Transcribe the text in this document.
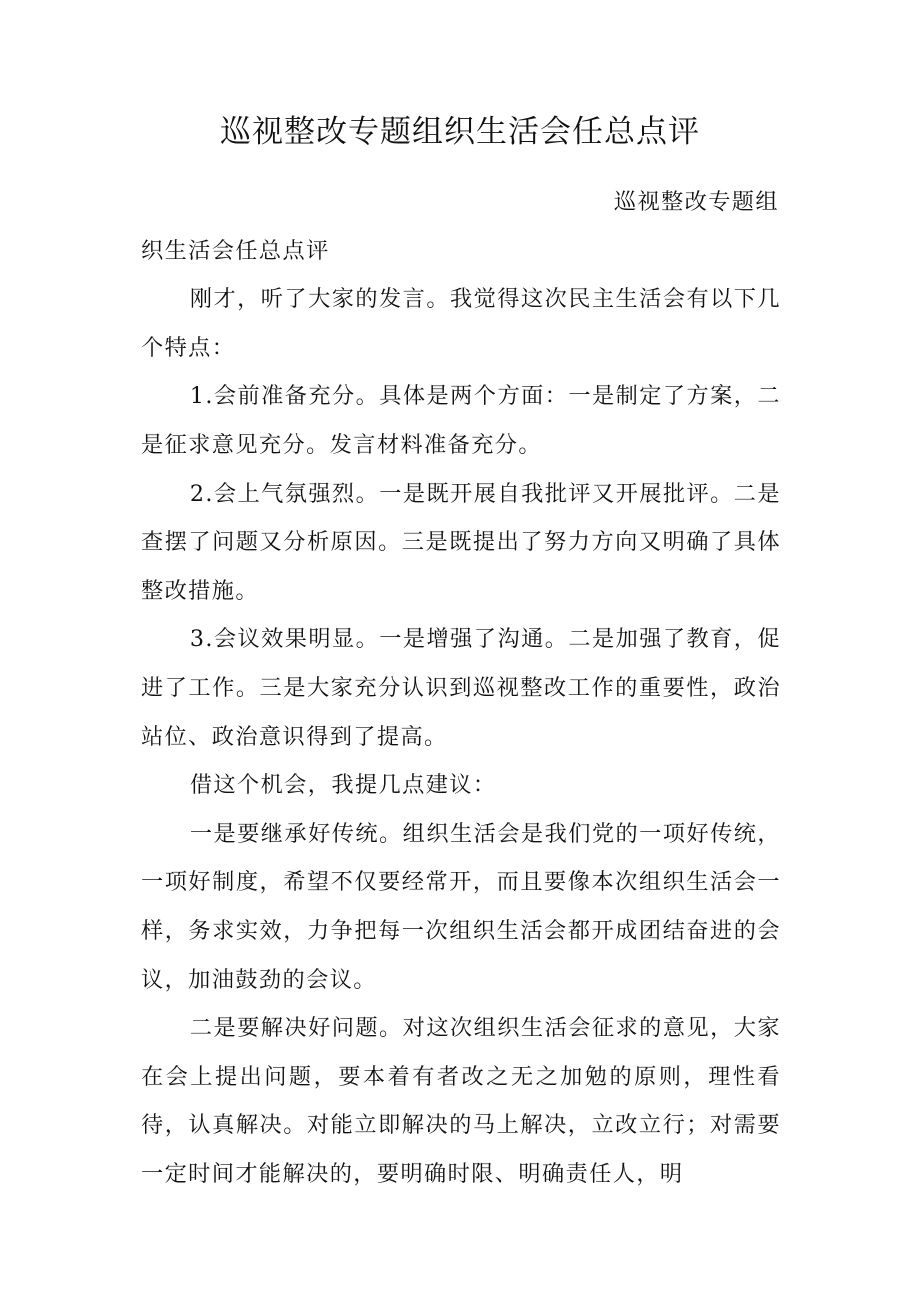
巡视整改专题组织生活会任总点评

巡视整改专题组

织生活会任总点评

刚才，听了大家的发言。我觉得这次民主生活会有以下几个特点：

1.会前准备充分。具体是两个方面：一是制定了方案，二是征求意见充分。发言材料准备充分。

2.会上气氛强烈。一是既开展自我批评又开展批评。二是查摆了问题又分析原因。三是既提出了努力方向又明确了具体整改措施。

3.会议效果明显。一是增强了沟通。二是加强了教育，促进了工作。三是大家充分认识到巡视整改工作的重要性，政治站位、政治意识得到了提高。

借这个机会，我提几点建议：

一是要继承好传统。组织生活会是我们党的一项好传统，一项好制度，希望不仅要经常开，而且要像本次组织生活会一样，务求实效，力争把每一次组织生活会都开成团结奋进的会议，加油鼓劲的会议。

二是要解决好问题。对这次组织生活会征求的意见，大家在会上提出问题，要本着有者改之无之加勉的原则，理性看待，认真解决。对能立即解决的马上解决，立改立行；对需要一定时间才能解决的，要明确时限、明确责任人，明
